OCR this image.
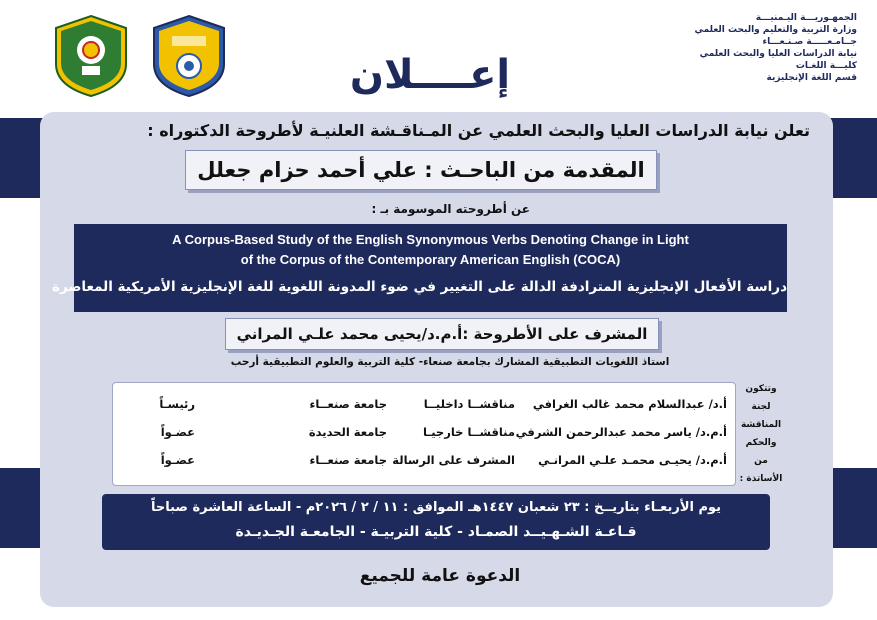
إعــــلان
الجمهـوريـــة اليـمنيـــة
وزارة التربية والتعليم والبحث العلمي
جــامـعـــــة صـنـعـــاء
نيابة الدراسات العليا والبحث العلمي
كليـــة اللغـات
قسم اللغة الإنجليزية
تعلن نيابة الدراسات العليا والبحث العلمي عن المـناقـشة العلنيـة لأطروحة الدكتوراه :
المقدمة من الباحـث : علي أحمد حزام جعلل
عن أطروحته الموسومة بـ :
A Corpus-Based Study of the English Synonymous Verbs Denoting Change in Light
of the Corpus of the Contemporary American English (COCA)
دراسة الأفعال الإنجليزية المترادفة الدالة على التغيير في ضوء المدونة اللغوية للغة الإنجليزية الأمريكية المعاصرة
المشرف على الأطروحة :أ.م.د/يحيى محمد علـي المراني
استاذ اللغويات التطبيقية المشارك بجامعة صنعاء- كلية التربية والعلوم التطبيقية أرحب
أ.د/ عبدالسلام محمد غالب الغرافي
مناقشــا داخليــا
جامعة صنعــاء
رئيسـاً
أ.م.د/ ياسر محمد عبدالرحمن الشرفي
مناقشــا خارجيـا
جامعة الحديدة
عضـواً
أ.م.د/ يحيـى محمـد علـي المرانـي
المشرف على الرسالة
جامعة صنعــاء
عضـواً
وتتكون
لجنة
المناقشة
والحكم
من
الأساتذة :
يوم الأربعـاء بتاريــخ : ٢٣ شعبان ١٤٤٧هـ الموافق : ١١ / ٢ / ٢٠٢٦م - الساعة العاشرة صباحاً
قـاعـة الشـهـيــد الصمـاد - كلية التربيـة - الجامعـة الجـديـدة
الدعوة عامة للجميع
